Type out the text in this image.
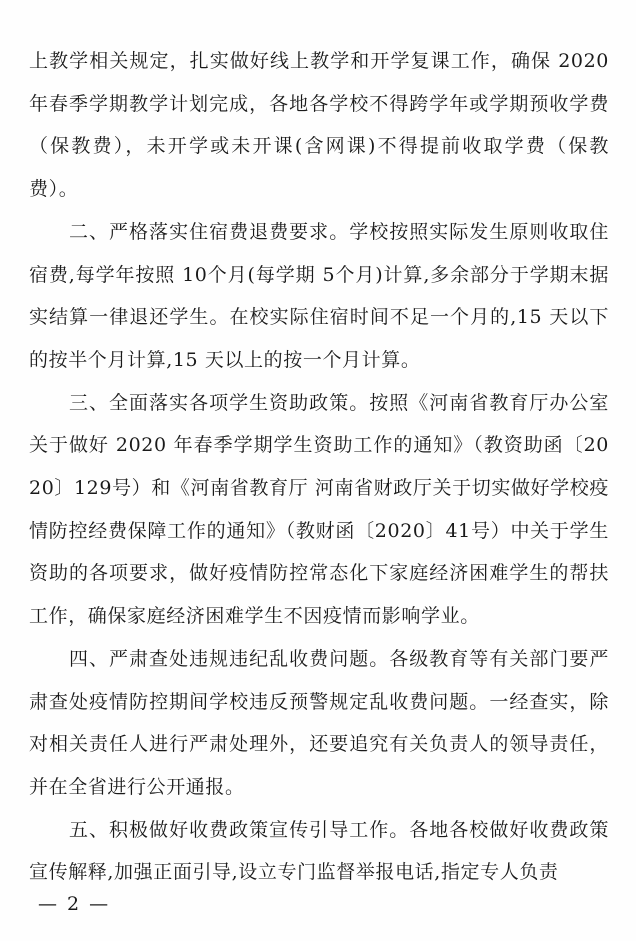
上教学相关规定，扎实做好线上教学和开学复课工作，确保 2020 年春季学期教学计划完成，各地各学校不得跨学年或学期预收学费（保教费），未开学或未开课(含网课)不得提前收取学费（保教费）。

二、严格落实住宿费退费要求。学校按照实际发生原则收取住宿费,每学年按照 10个月(每学期 5个月)计算,多余部分于学期末据实结算一律退还学生。在校实际住宿时间不足一个月的,15 天以下的按半个月计算,15 天以上的按一个月计算。

三、全面落实各项学生资助政策。按照《河南省教育厅办公室关于做好 2020 年春季学期学生资助工作的通知》（教资助函〔2020〕129号）和《河南省教育厅 河南省财政厅关于切实做好学校疫情防控经费保障工作的通知》（教财函〔2020〕41号）中关于学生资助的各项要求，做好疫情防控常态化下家庭经济困难学生的帮扶工作，确保家庭经济困难学生不因疫情而影响学业。

四、严肃查处违规违纪乱收费问题。各级教育等有关部门要严肃查处疫情防控期间学校违反预警规定乱收费问题。一经查实，除对相关责任人进行严肃处理外，还要追究有关负责人的领导责任，并在全省进行公开通报。

五、积极做好收费政策宣传引导工作。各地各校做好收费政策宣传解释,加强正面引导,设立专门监督举报电话,指定专人负责

— 2 —
